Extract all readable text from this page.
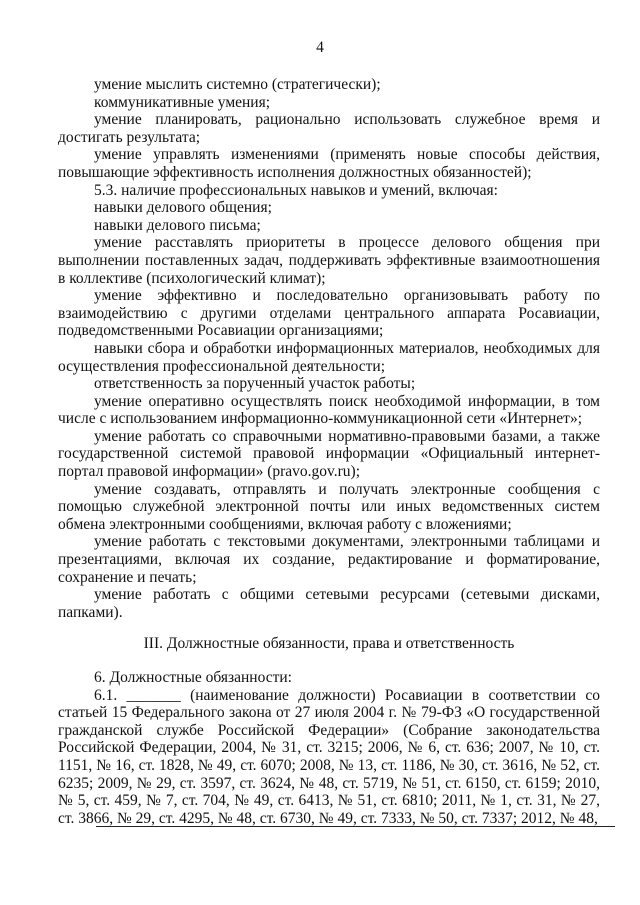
4

умение мыслить системно (стратегически);

коммуникативные умения;

умение планировать, рационально использовать служебное время и достигать результата;

умение управлять изменениями (применять новые способы действия, повышающие эффективность исполнения должностных обязанностей);

5.3. наличие профессиональных навыков и умений, включая:

навыки делового общения;

навыки делового письма;

умение расставлять приоритеты в процессе делового общения при выполнении поставленных задач, поддерживать эффективные взаимоотношения в коллективе (психологический климат);

умение эффективно и последовательно организовывать работу по взаимодействию с другими отделами центрального аппарата Росавиации, подведомственными Росавиации организациями;

навыки сбора и обработки информационных материалов, необходимых для осуществления профессиональной деятельности;

ответственность за порученный участок работы;

умение оперативно осуществлять поиск необходимой информации, в том числе с использованием информационно-коммуникационной сети «Интернет»;

умение работать со справочными нормативно-правовыми базами, а также государственной системой правовой информации «Официальный интернет-портал правовой информации» (pravo.gov.ru);

умение создавать, отправлять и получать электронные сообщения с помощью служебной электронной почты или иных ведомственных систем обмена электронными сообщениями, включая работу с вложениями;

умение работать с текстовыми документами, электронными таблицами и презентациями, включая их создание, редактирование и форматирование, сохранение и печать;

умение работать с общими сетевыми ресурсами (сетевыми дисками, папками).

III. Должностные обязанности, права и ответственность

6. Должностные обязанности:

6.1. _______ (наименование должности) Росавиации в соответствии со статьей 15 Федерального закона от 27 июля 2004 г. № 79-ФЗ «О государственной гражданской службе Российской Федерации» (Собрание законодательства Российской Федерации, 2004, № 31, ст. 3215; 2006, № 6, ст. 636; 2007, № 10, ст. 1151, № 16, ст. 1828, № 49, ст. 6070; 2008, № 13, ст. 1186, № 30, ст. 3616, № 52, ст. 6235; 2009, № 29, ст. 3597, ст. 3624, № 48, ст. 5719, № 51, ст. 6150, ст. 6159; 2010, № 5, ст. 459, № 7, ст. 704, № 49, ст. 6413, № 51, ст. 6810; 2011, № 1, ст. 31, № 27, ст. 3866, № 29, ст. 4295, № 48, ст. 6730, № 49, ст. 7333, № 50, ст. 7337; 2012, № 48,
